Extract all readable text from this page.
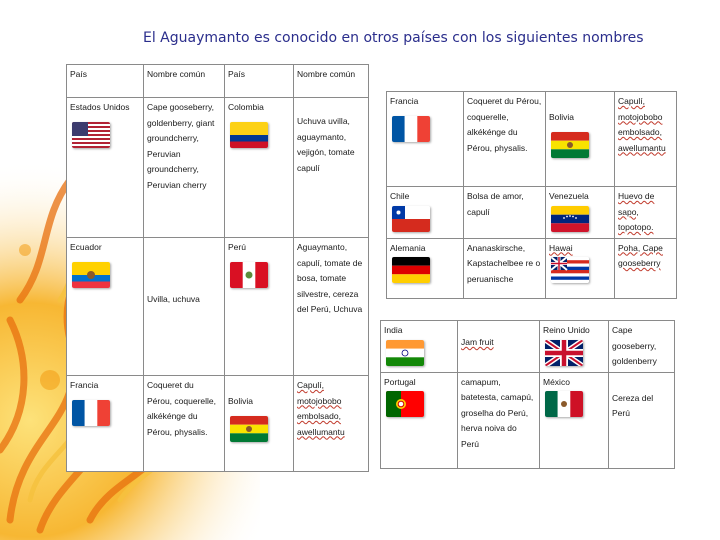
El Aguaymanto es conocido en otros países con los siguientes nombres
País	Nombre común	País	Nombre común

Estados Unidos	Cape gooseberry, goldenberry, giant groundcherry, Peruvian groundcherry, Peruvian cherry	Colombia	Uchuva uvilla, aguaymanto, vejigón, tomate capulí

Ecuador	Uvilla, uchuva	Perú	Aguaymanto, capulí, tomate de bosa, tomate silvestre, cereza del Perú, Uchuva

Francia	Coqueret du Pérou, coquerelle, alkékénge du Pérou, physalis.	Bolivia	Capulí, motojobobo embolsado, awellumantu
Francia	Coqueret du Pérou, coquerelle, alkékénge du Pérou, physalis.	Bolivia	Capulí, motojobobo embolsado, awellumantu

Chile	Bolsa de amor, capulí	Venezuela	Huevo de sapo, topotopo.

Alemania	Ananaskirsche, Kapstachelbee re o peruanische	Hawai	Poha, Cape gooseberry
India	Jam fruit	Reino Unido	Cape gooseberry, goldenberry

Portugal	camapum, batetesta, camapú, groselha do Perú, herva noiva do Perú	México	Cereza del Perú
